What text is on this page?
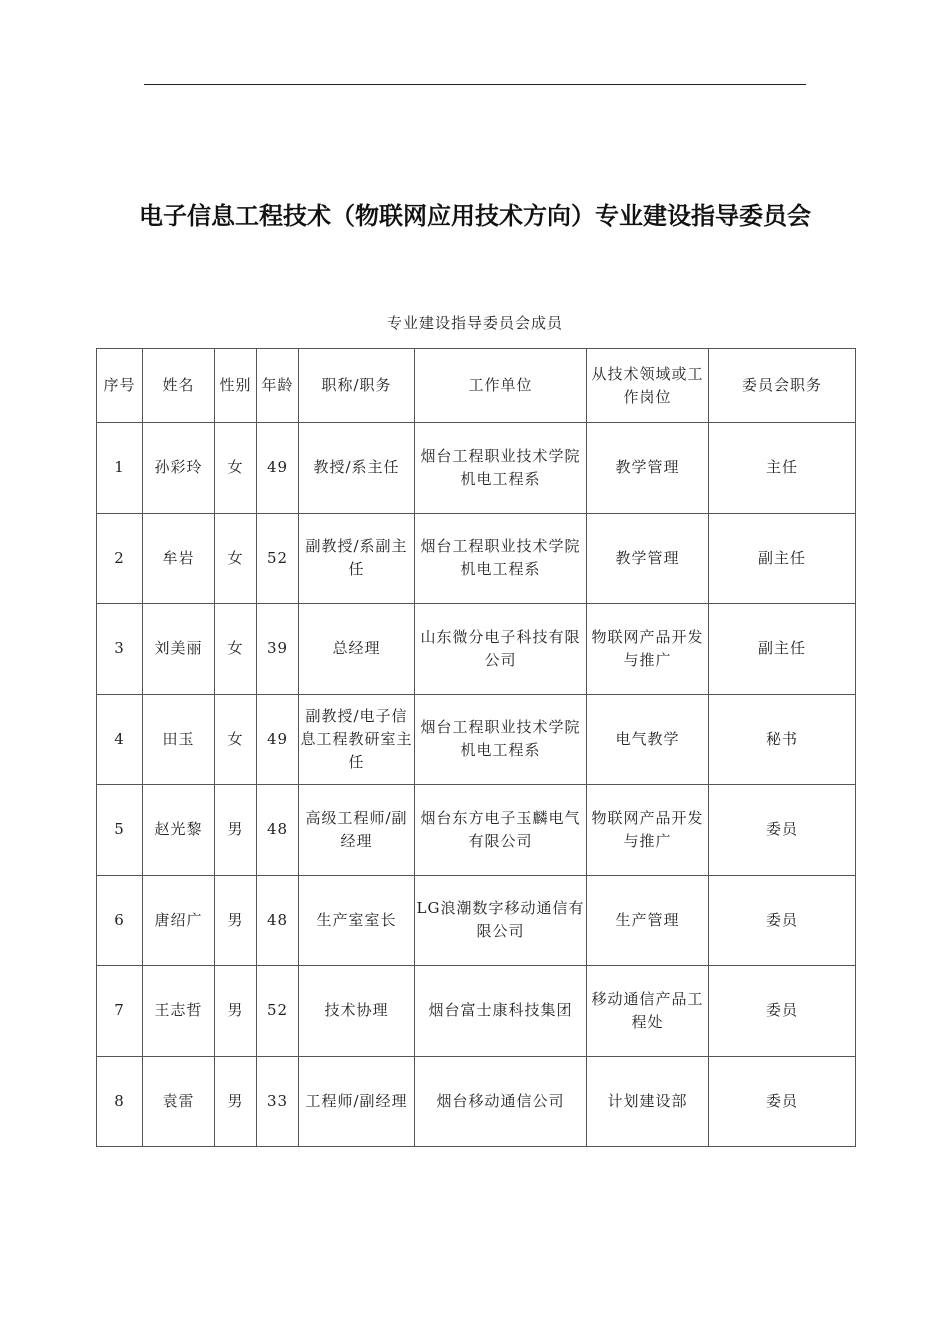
电子信息工程技术（物联网应用技术方向）专业建设指导委员会
专业建设指导委员会成员
序号	姓名	性别	年龄	职称/职务	工作单位	从技术领域或工作岗位	委员会职务
1	孙彩玲	女	49	教授/系主任	烟台工程职业技术学院机电工程系	教学管理	主任
2	牟岩	女	52	副教授/系副主任	烟台工程职业技术学院机电工程系	教学管理	副主任
3	刘美丽	女	39	总经理	山东微分电子科技有限公司	物联网产品开发与推广	副主任
4	田玉	女	49	副教授/电子信息工程教研室主任	烟台工程职业技术学院机电工程系	电气教学	秘书
5	赵光黎	男	48	高级工程师/副经理	烟台东方电子玉麟电气有限公司	物联网产品开发与推广	委员
6	唐绍广	男	48	生产室室长	LG浪潮数字移动通信有限公司	生产管理	委员
7	王志哲	男	52	技术协理	烟台富士康科技集团	移动通信产品工程处	委员
8	袁雷	男	33	工程师/副经理	烟台移动通信公司	计划建设部	委员
